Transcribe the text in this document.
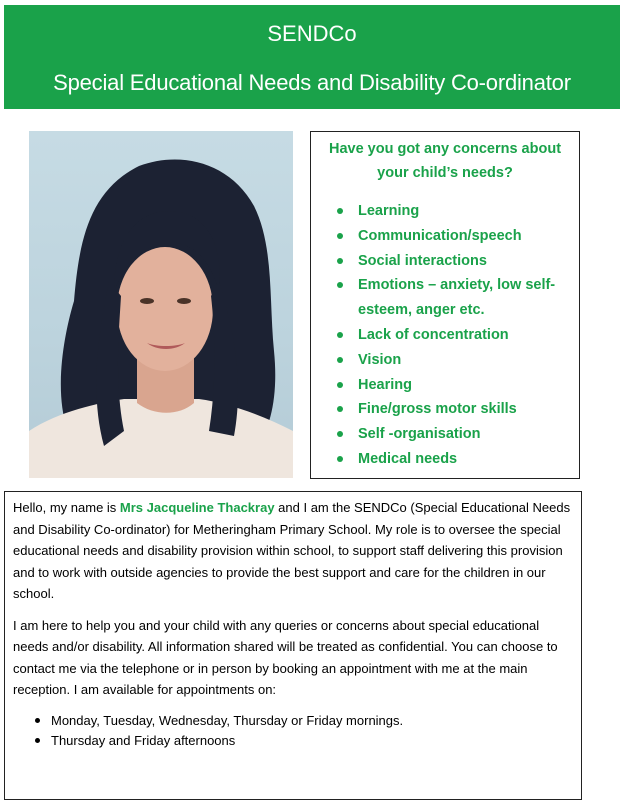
SENDCo
Special Educational Needs and Disability Co-ordinator
Have you got any concerns about your child’s needs?
Learning
Communication/speech
Social interactions
Emotions – anxiety, low self-esteem, anger etc.
Lack of concentration
Vision
Hearing
Fine/gross motor skills
Self -organisation
Medical needs

Hello, my name is Mrs Jacqueline Thackray and I am the SENDCo (Special Educational Needs and Disability Co-ordinator) for Metheringham Primary School. My role is to oversee the special educational needs and disability provision within school, to support staff delivering this provision and to work with outside agencies to provide the best support and care for the children in our school.

I am here to help you and your child with any queries or concerns about special educational needs and/or disability. All information shared will be treated as confidential. You can choose to contact me via the telephone or in person by booking an appointment with me at the main reception. I am available for appointments on:

Monday, Tuesday, Wednesday, Thursday or Friday mornings.
Thursday and Friday afternoons
